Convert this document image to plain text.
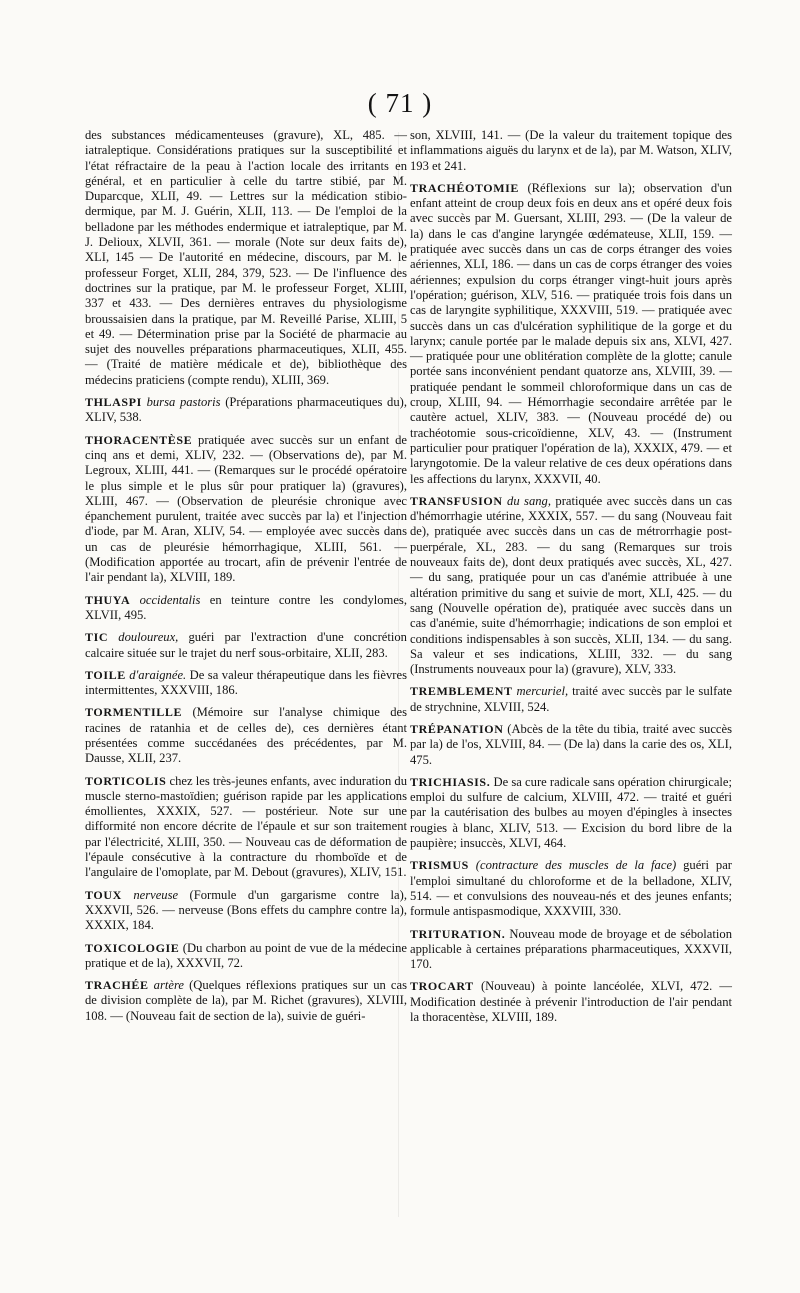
( 71 )

des substances médicamenteuses (gravure), XL, 485. — iatraleptique. Considérations pratiques sur la susceptibilité et l'état réfractaire de la peau à l'action locale des irritants en général, et en particulier à celle du tartre stibié, par M. Duparcque, XLII, 49. — Lettres sur la médication stibio-dermique, par M. J. Guérin, XLII, 113. — De l'emploi de la belladone par les méthodes endermique et iatraleptique, par M. J. Delioux, XLVII, 361. — morale (Note sur deux faits de), XLI, 145 — De l'autorité en médecine, discours, par M. le professeur Forget, XLII, 284, 379, 523. — De l'influence des doctrines sur la pratique, par M. le professeur Forget, XLIII, 337 et 433. — Des dernières entraves du physiologisme broussaisien dans la pratique, par M. Reveillé Parise, XLIII, 5 et 49. — Détermination prise par la Société de pharmacie au sujet des nouvelles préparations pharmaceutiques, XLII, 455. — (Traité de matière médicale et de), bibliothèque des médecins praticiens (compte rendu), XLIII, 369.

THLASPI bursa pastoris (Préparations pharmaceutiques du), XLIV, 538.

THORACENTÈSE pratiquée avec succès sur un enfant de cinq ans et demi, XLIV, 232. — (Observations de), par M. Legroux, XLIII, 441. — (Remarques sur le procédé opératoire le plus simple et le plus sûr pour pratiquer la) (gravures), XLIII, 467. — (Observation de pleurésie chronique avec épanchement purulent, traitée avec succès par la) et l'injection d'iode, par M. Aran, XLIV, 54. — employée avec succès dans un cas de pleurésie hémorrhagique, XLIII, 561. — (Modification apportée au trocart, afin de prévenir l'entrée de l'air pendant la), XLVIII, 189.

THUYA occidentalis en teinture contre les condylomes, XLVII, 495.

TIC douloureux, guéri par l'extraction d'une concrétion calcaire située sur le trajet du nerf sous-orbitaire, XLII, 283.

TOILE d'araignée. De sa valeur thérapeutique dans les fièvres intermittentes, XXXVIII, 186.

TORMENTILLE (Mémoire sur l'analyse chimique des racines de ratanhia et de celles de), ces dernières étant présentées comme succédanées des précédentes, par M. Dausse, XLII, 237.

TORTICOLIS chez les très-jeunes enfants, avec induration du muscle sterno-mastoïdien; guérison rapide par les applications émollientes, XXXIX, 527. — postérieur. Note sur une difformité non encore décrite de l'épaule et sur son traitement par l'électricité, XLIII, 350. — Nouveau cas de déformation de l'épaule consécutive à la contracture du rhomboïde et de l'angulaire de l'omoplate, par M. Debout (gravures), XLIV, 151.

TOUX nerveuse (Formule d'un gargarisme contre la), XXXVII, 526. — nerveuse (Bons effets du camphre contre la), XXXIX, 184.

TOXICOLOGIE (Du charbon au point de vue de la médecine pratique et de la), XXXVII, 72.

TRACHÉE artère (Quelques réflexions pratiques sur un cas de division complète de la), par M. Richet (gravures), XLVIII, 108. — (Nouveau fait de section de la), suivie de guéri-

son, XLVIII, 141. — (De la valeur du traitement topique des inflammations aiguës du larynx et de la), par M. Watson, XLIV, 193 et 241.

TRACHÉOTOMIE (Réflexions sur la); observation d'un enfant atteint de croup deux fois en deux ans et opéré deux fois avec succès par M. Guersant, XLIII, 293. — (De la valeur de la) dans le cas d'angine laryngée œdémateuse, XLII, 159. — pratiquée avec succès dans un cas de corps étranger des voies aériennes, XLI, 186. — dans un cas de corps étranger des voies aériennes; expulsion du corps étranger vingt-huit jours après l'opération; guérison, XLV, 516. — pratiquée trois fois dans un cas de laryngite syphilitique, XXXVIII, 519. — pratiquée avec succès dans un cas d'ulcération syphilitique de la gorge et du larynx; canule portée par le malade depuis six ans, XLVI, 427. — pratiquée pour une oblitération complète de la glotte; canule portée sans inconvénient pendant quatorze ans, XLVIII, 39. — pratiquée pendant le sommeil chloroformique dans un cas de croup, XLIII, 94. — Hémorrhagie secondaire arrêtée par le cautère actuel, XLIV, 383. — (Nouveau procédé de) ou trachéotomie sous-cricoïdienne, XLV, 43. — (Instrument particulier pour pratiquer l'opération de la), XXXIX, 479. — et laryngotomie. De la valeur relative de ces deux opérations dans les affections du larynx, XXXVII, 40.

TRANSFUSION du sang, pratiquée avec succès dans un cas d'hémorrhagie utérine, XXXIX, 557. — du sang (Nouveau fait de), pratiquée avec succès dans un cas de métrorrhagie post-puerpérale, XL, 283. — du sang (Remarques sur trois nouveaux faits de), dont deux pratiqués avec succès, XL, 427. — du sang, pratiquée pour un cas d'anémie attribuée à une altération primitive du sang et suivie de mort, XLI, 425. — du sang (Nouvelle opération de), pratiquée avec succès dans un cas d'anémie, suite d'hémorrhagie; indications de son emploi et conditions indispensables à son succès, XLII, 134. — du sang. Sa valeur et ses indications, XLIII, 332. — du sang (Instruments nouveaux pour la) (gravure), XLV, 333.

TREMBLEMENT mercuriel, traité avec succès par le sulfate de strychnine, XLVIII, 524.

TRÉPANATION (Abcès de la tête du tibia, traité avec succès par la) de l'os, XLVIII, 84. — (De la) dans la carie des os, XLI, 475.

TRICHIASIS. De sa cure radicale sans opération chirurgicale; emploi du sulfure de calcium, XLVIII, 472. — traité et guéri par la cautérisation des bulbes au moyen d'épingles à insectes rougies à blanc, XLIV, 513. — Excision du bord libre de la paupière; insuccès, XLVI, 464.

TRISMUS (contracture des muscles de la face) guéri par l'emploi simultané du chloroforme et de la belladone, XLIV, 514. — et convulsions des nouveau-nés et des jeunes enfants; formule antispasmodique, XXXVIII, 330.

TRITURATION. Nouveau mode de broyage et de sébolation applicable à certaines préparations pharmaceutiques, XXXVII, 170.

TROCART (Nouveau) à pointe lancéolée, XLVI, 472. — Modification destinée à prévenir l'introduction de l'air pendant la thoracentèse, XLVIII, 189.
